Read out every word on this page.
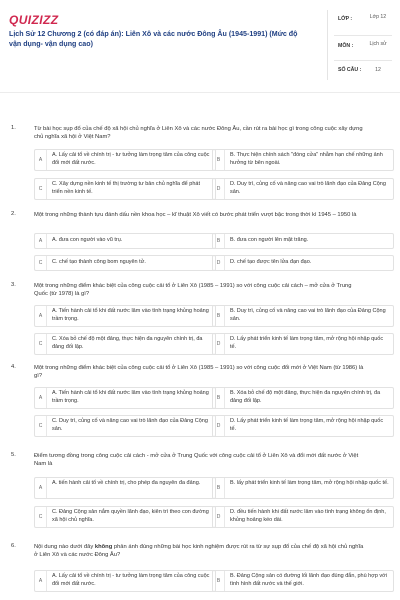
QUIZIZZ
Lịch Sử 12 Chương 2 (có đáp án): Liên Xô và các nước Đông Âu (1945-1991) (Mức độ vận dụng- vận dụng cao)
LỚP :	Lớp 12
MÔN :	Lịch sử
SỐ CÂU :	12
1.	Từ bài học sụp đổ của chế độ xã hội chủ nghĩa ở Liên Xô và các nước Đông Âu, cần rút ra bài học gì trong công cuộc xây dựng chủ nghĩa xã hội ở Việt Nam?
A
A. Lấy cải tổ về chính trị - tư tưởng làm trọng tâm của công cuộc đổi mới đất nước.	B
B. Thực hiện chính sách "đóng cửa" nhằm hạn chế những ảnh hưởng từ bên ngoài.
C
C. Xây dựng nền kinh tế thị trường tư bản chủ nghĩa để phát triển nền kinh tế.	D
D. Duy trì, củng cố và nâng cao vai trò lãnh đạo của Đảng Cộng sản.
2.	Một trong những thành tựu đánh dấu nền khoa học – kĩ thuật Xô viết có bước phát triển vượt bậc trong thời kì 1945 – 1950 là
A	A. đưa con người vào vũ trụ.	B	B. đưa con người lên mặt trăng.
C	C. chế tạo thành công bom nguyên tử.	D	D. chế tạo được tên lửa đạn đạo.
3.	Một trong những điểm khác biệt của công cuộc cải tổ ở Liên Xô (1985 – 1991) so với công cuộc cải cách – mở cửa ở Trung Quốc (từ 1978) là gì?
A
A. Tiến hành cải tổ khi đất nước lâm vào tình trạng khủng hoảng trầm trọng.	B
B. Duy trì, củng cố và nâng cao vai trò lãnh đạo của Đảng Cộng sản.
C
C. Xóa bỏ chế độ một đảng, thực hiện đa nguyên chính trị, đa đảng đối lập.	D
D. Lấy phát triển kinh tế làm trọng tâm, mở rộng hội nhập quốc tế.
4.	Một trong những điểm khác biệt của công cuộc cải tổ ở Liên Xô (1985 – 1991) so với công cuộc đổi mới ở Việt Nam (từ 1986) là gì?
A
A. Tiến hành cải tổ khi đất nước lâm vào tình trạng khủng hoảng trầm trọng.	B
B. Xóa bỏ chế độ một đảng, thực hiện đa nguyên chính trị, đa đảng đối lập.
C
C. Duy trì, củng cố và nâng cao vai trò lãnh đạo của Đảng Cộng sản.	D
D. Lấy phát triển kinh tế làm trọng tâm, mở rộng hội nhập quốc tế.
5.	Điểm tương đồng trong công cuộc cải cách - mở cửa ở Trung Quốc với công cuộc cải tổ ở Liên Xô và đổi mới đất nước ở Việt Nam là
A
A. tiến hành cải tổ về chính trị, cho phép đa nguyên đa đảng.
B
B. lấy phát triển kinh tế làm trọng tâm, mở rộng hội nhập quốc tế.
C
C. Đảng Cộng sản nắm quyền lãnh đạo, kiên trì theo con đường xã hội chủ nghĩa.	D
D. đều tiến hành khi đất nước lâm vào tình trạng không ổn định, khủng hoảng kéo dài.
6.	Nội dung nào dưới đây không phản ánh đúng những bài học kinh nghiệm được rút ra từ sự sụp đổ của chế độ xã hội chủ nghĩa ở Liên Xô và các nước Đông Âu?
A
A. Lấy cải tổ về chính trị - tư tưởng làm trọng tâm của công cuộc đổi mới đất nước.	B
B. Đảng Cộng sản có đường lối lãnh đạo đúng đắn, phù hợp với tình hình đất nước và thế giới.
